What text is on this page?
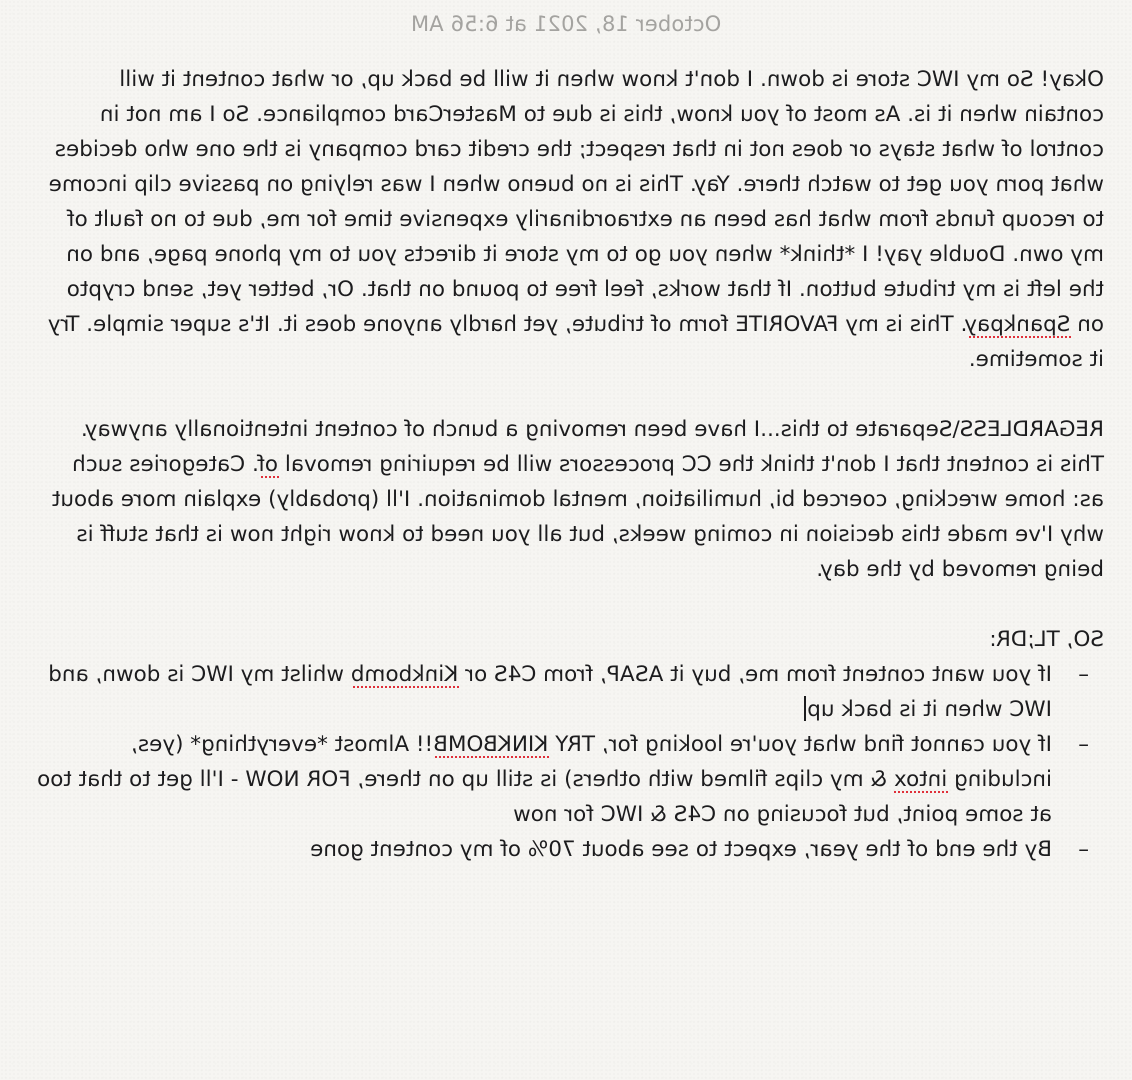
October 18, 2021 at 6:56 AM

Okay! So my IWC store is down. I don't know when it will be back up, or what content it will contain when it is. As most of you know, this is due to MasterCard compliance. So I am not in control of what stays or does not in that respect; the credit card company is the one who decides what porn you get to watch there. Yay. This is no bueno when I was relying on passive clip income to recoup funds from what has been an extraordinarily expensive time for me, due to no fault of my own. Double yay! I *think* when you go to my store it directs you to my phone page, and on the left is my tribute button. If that works, feel free to pound on that. Or, better yet, send crypto on Spankpay. This is my FAVORITE form of tribute, yet hardly anyone does it. It's super simple. Try it sometime.

REGARDLESS\Separate to this...I have been removing a bunch of content intentionally anyway. This is content that I don't think the CC processors will be requiring removal of. Categories such as: home wrecking, coerced bi, humiliation, mental domination. I'll (probably) explain more about why I've made this decision in coming weeks, but all you need to know right now is that stuff is being removed by the day.

SO, TL;DR:
–
If you want content from me, buy it ASAP, from C4S or Kinkbomb whilst my IWC is down, and IWC when it is back up
–
If you cannot find what you're looking for, TRY KINKBOMB!! Almost *everything* (yes, including intox & my clips filmed with others) is still up on there, FOR NOW - I'll get to that too at some point, but focusing on C4S & IWC for now
–
By the end of the year, expect to see about 70% of my content gone
